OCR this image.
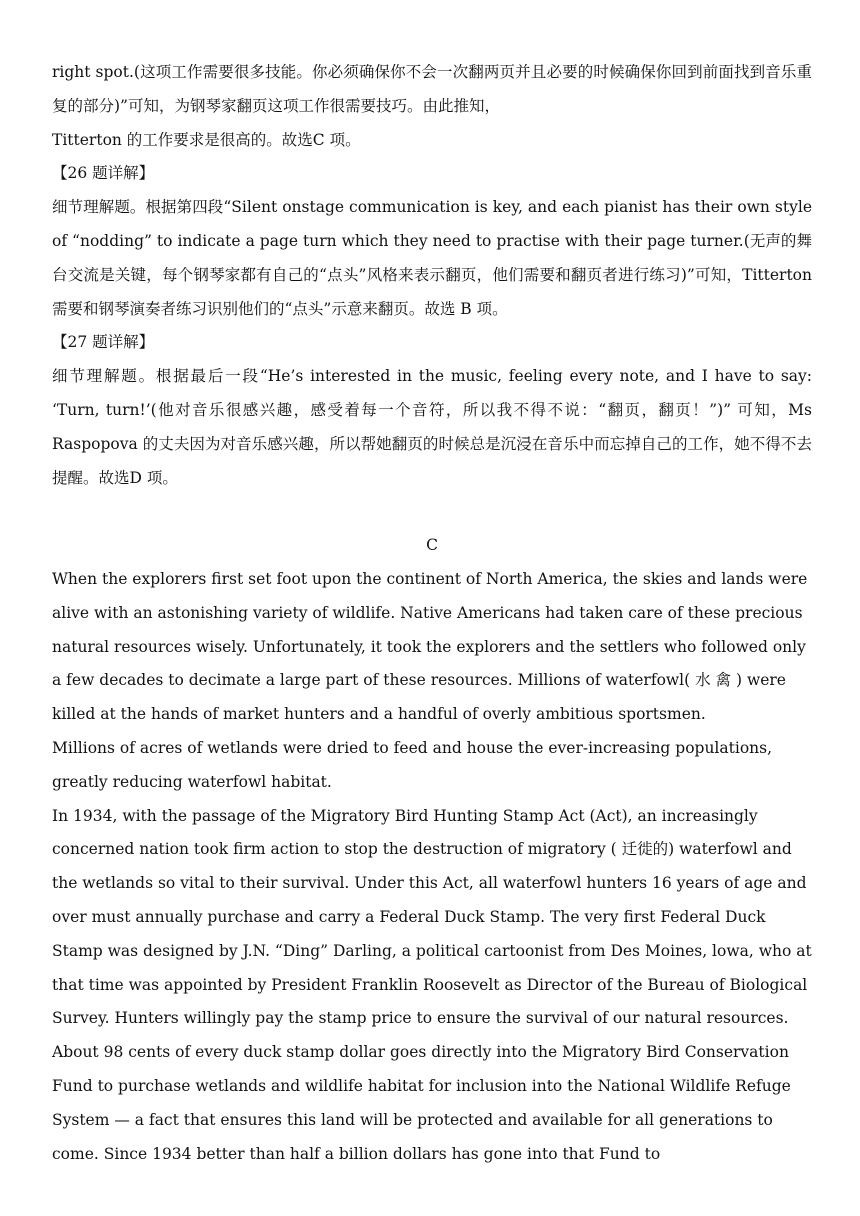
right spot.(这项工作需要很多技能。你必须确保你不会一次翻两页并且必要的时候确保你回到前面找到音乐重复的部分)”可知，为钢琴家翻页这项工作很需要技巧。由此推知，

Titterton 的工作要求是很高的。故选C 项。

【26 题详解】

细节理解题。根据第四段“Silent onstage communication is key, and each pianist has their own style of “nodding” to indicate a page turn which they need to practise with their page turner.(无声的舞台交流是关键，每个钢琴家都有自己的“点头”风格来表示翻页，他们需要和翻页者进行练习)”可知，Titterton 需要和钢琴演奏者练习识别他们的“点头”示意来翻页。故选 B 项。

【27 题详解】

细节理解题。根据最后一段“He’s interested in the music, feeling every note, and I have to say: ‘Turn, turn!’(他对音乐很感兴趣，感受着每一个音符，所以我不得不说：“翻页，翻页！”)” 可知，Ms Raspopova 的丈夫因为对音乐感兴趣，所以帮她翻页的时候总是沉浸在音乐中而忘掉自己的工作，她不得不去提醒。故选D 项。

C

When the explorers first set foot upon the continent of North America, the skies and lands were alive with an astonishing variety of wildlife. Native Americans had taken care of these precious natural resources wisely. Unfortunately, it took the explorers and the settlers who followed only a few decades to decimate a large part of these resources. Millions of waterfowl( 水 禽 ) were killed at the hands of market hunters and a handful of overly ambitious sportsmen.

Millions of acres of wetlands were dried to feed and house the ever-increasing populations, greatly reducing waterfowl habitat.

In 1934, with the passage of the Migratory Bird Hunting Stamp Act (Act), an increasingly concerned nation took firm action to stop the destruction of migratory ( 迁徙的) waterfowl and the wetlands so vital to their survival. Under this Act, all waterfowl hunters 16 years of age and

over must annually purchase and carry a Federal Duck Stamp. The very first Federal Duck Stamp was designed by J.N. “Ding” Darling, a political cartoonist from Des Moines, lowa, who at that time was appointed by President Franklin Roosevelt as Director of the Bureau of Biological Survey. Hunters willingly pay the stamp price to ensure the survival of our natural resources.

About 98 cents of every duck stamp dollar goes directly into the Migratory Bird Conservation Fund to purchase wetlands and wildlife habitat for inclusion into the National Wildlife Refuge System — a fact that ensures this land will be protected and available for all generations to come. Since 1934 better than half a billion dollars has gone into that Fund to
